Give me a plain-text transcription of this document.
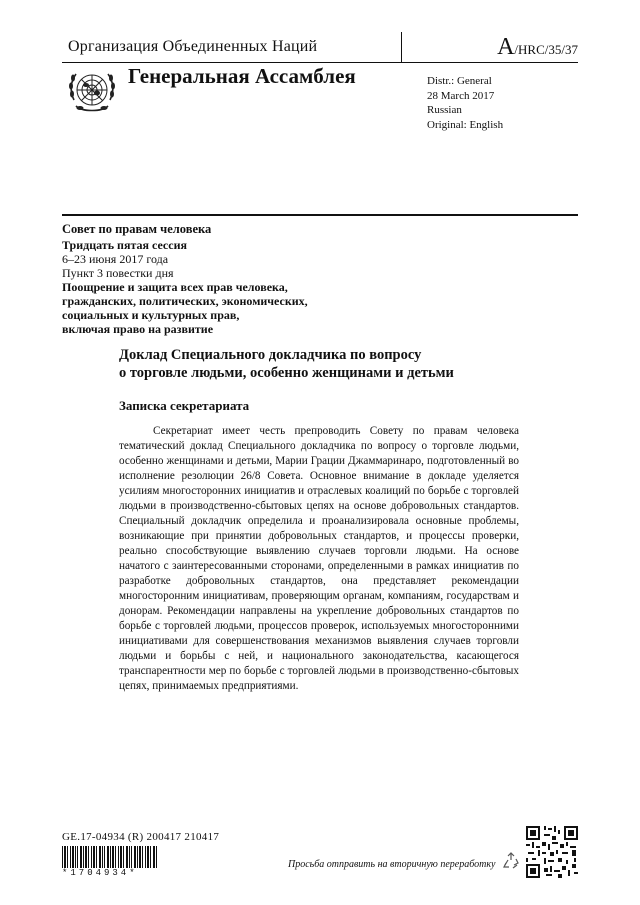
Организация Объединенных Наций	A/HRC/35/37
Генеральная Ассамблея	Distr.: General
28 March 2017
Russian
Original: English
Совет по правам человека
Тридцать пятая сессия
6–23 июня 2017 года
Пункт 3 повестки дня
Поощрение и защита всех прав человека,
гражданских, политических, экономических,
социальных и культурных прав,
включая право на развитие
Доклад Специального докладчика по вопросу
о торговле людьми, особенно женщинами и детьми
Записка секретариата

Секретариат имеет честь препроводить Совету по правам человека тематический доклад Специального докладчика по вопросу о торговле людьми, особенно женщинами и детьми, Марии Грации Джаммаринаро, подготовленный во исполнение резолюции 26/8 Совета. Основное внимание в докладе уделяется усилиям многосторонних инициатив и отраслевых коалиций по борьбе с торговлей людьми в производственно-сбытовых цепях на основе добровольных стандартов. Специальный докладчик определила и проанализировала основные проблемы, возникающие при принятии добровольных стандартов, и процессы проверки, реально способствующие выявлению случаев торговли людьми. На основе начатого с заинтересованными сторонами, определенными в рамках инициатив по разработке добровольных стандартов, она представляет рекомендации многосторонним инициативам, проверяющим органам, компаниям, государствам и донорам. Рекомендации направлены на укрепление добровольных стандартов по борьбе с торговлей людьми, процессов проверок, используемых многосторонними инициативами для совершенствования механизмов выявления случаев торговли людьми и борьбы с ней, и национального законодательства, касающегося транспарентности мер по борьбе с торговлей людьми в производственно-сбытовых цепях, принимаемых предприятиями.

GE.17-04934 (R) 200417 210417
*1704934*
Просьба отправить на вторичную переработку
